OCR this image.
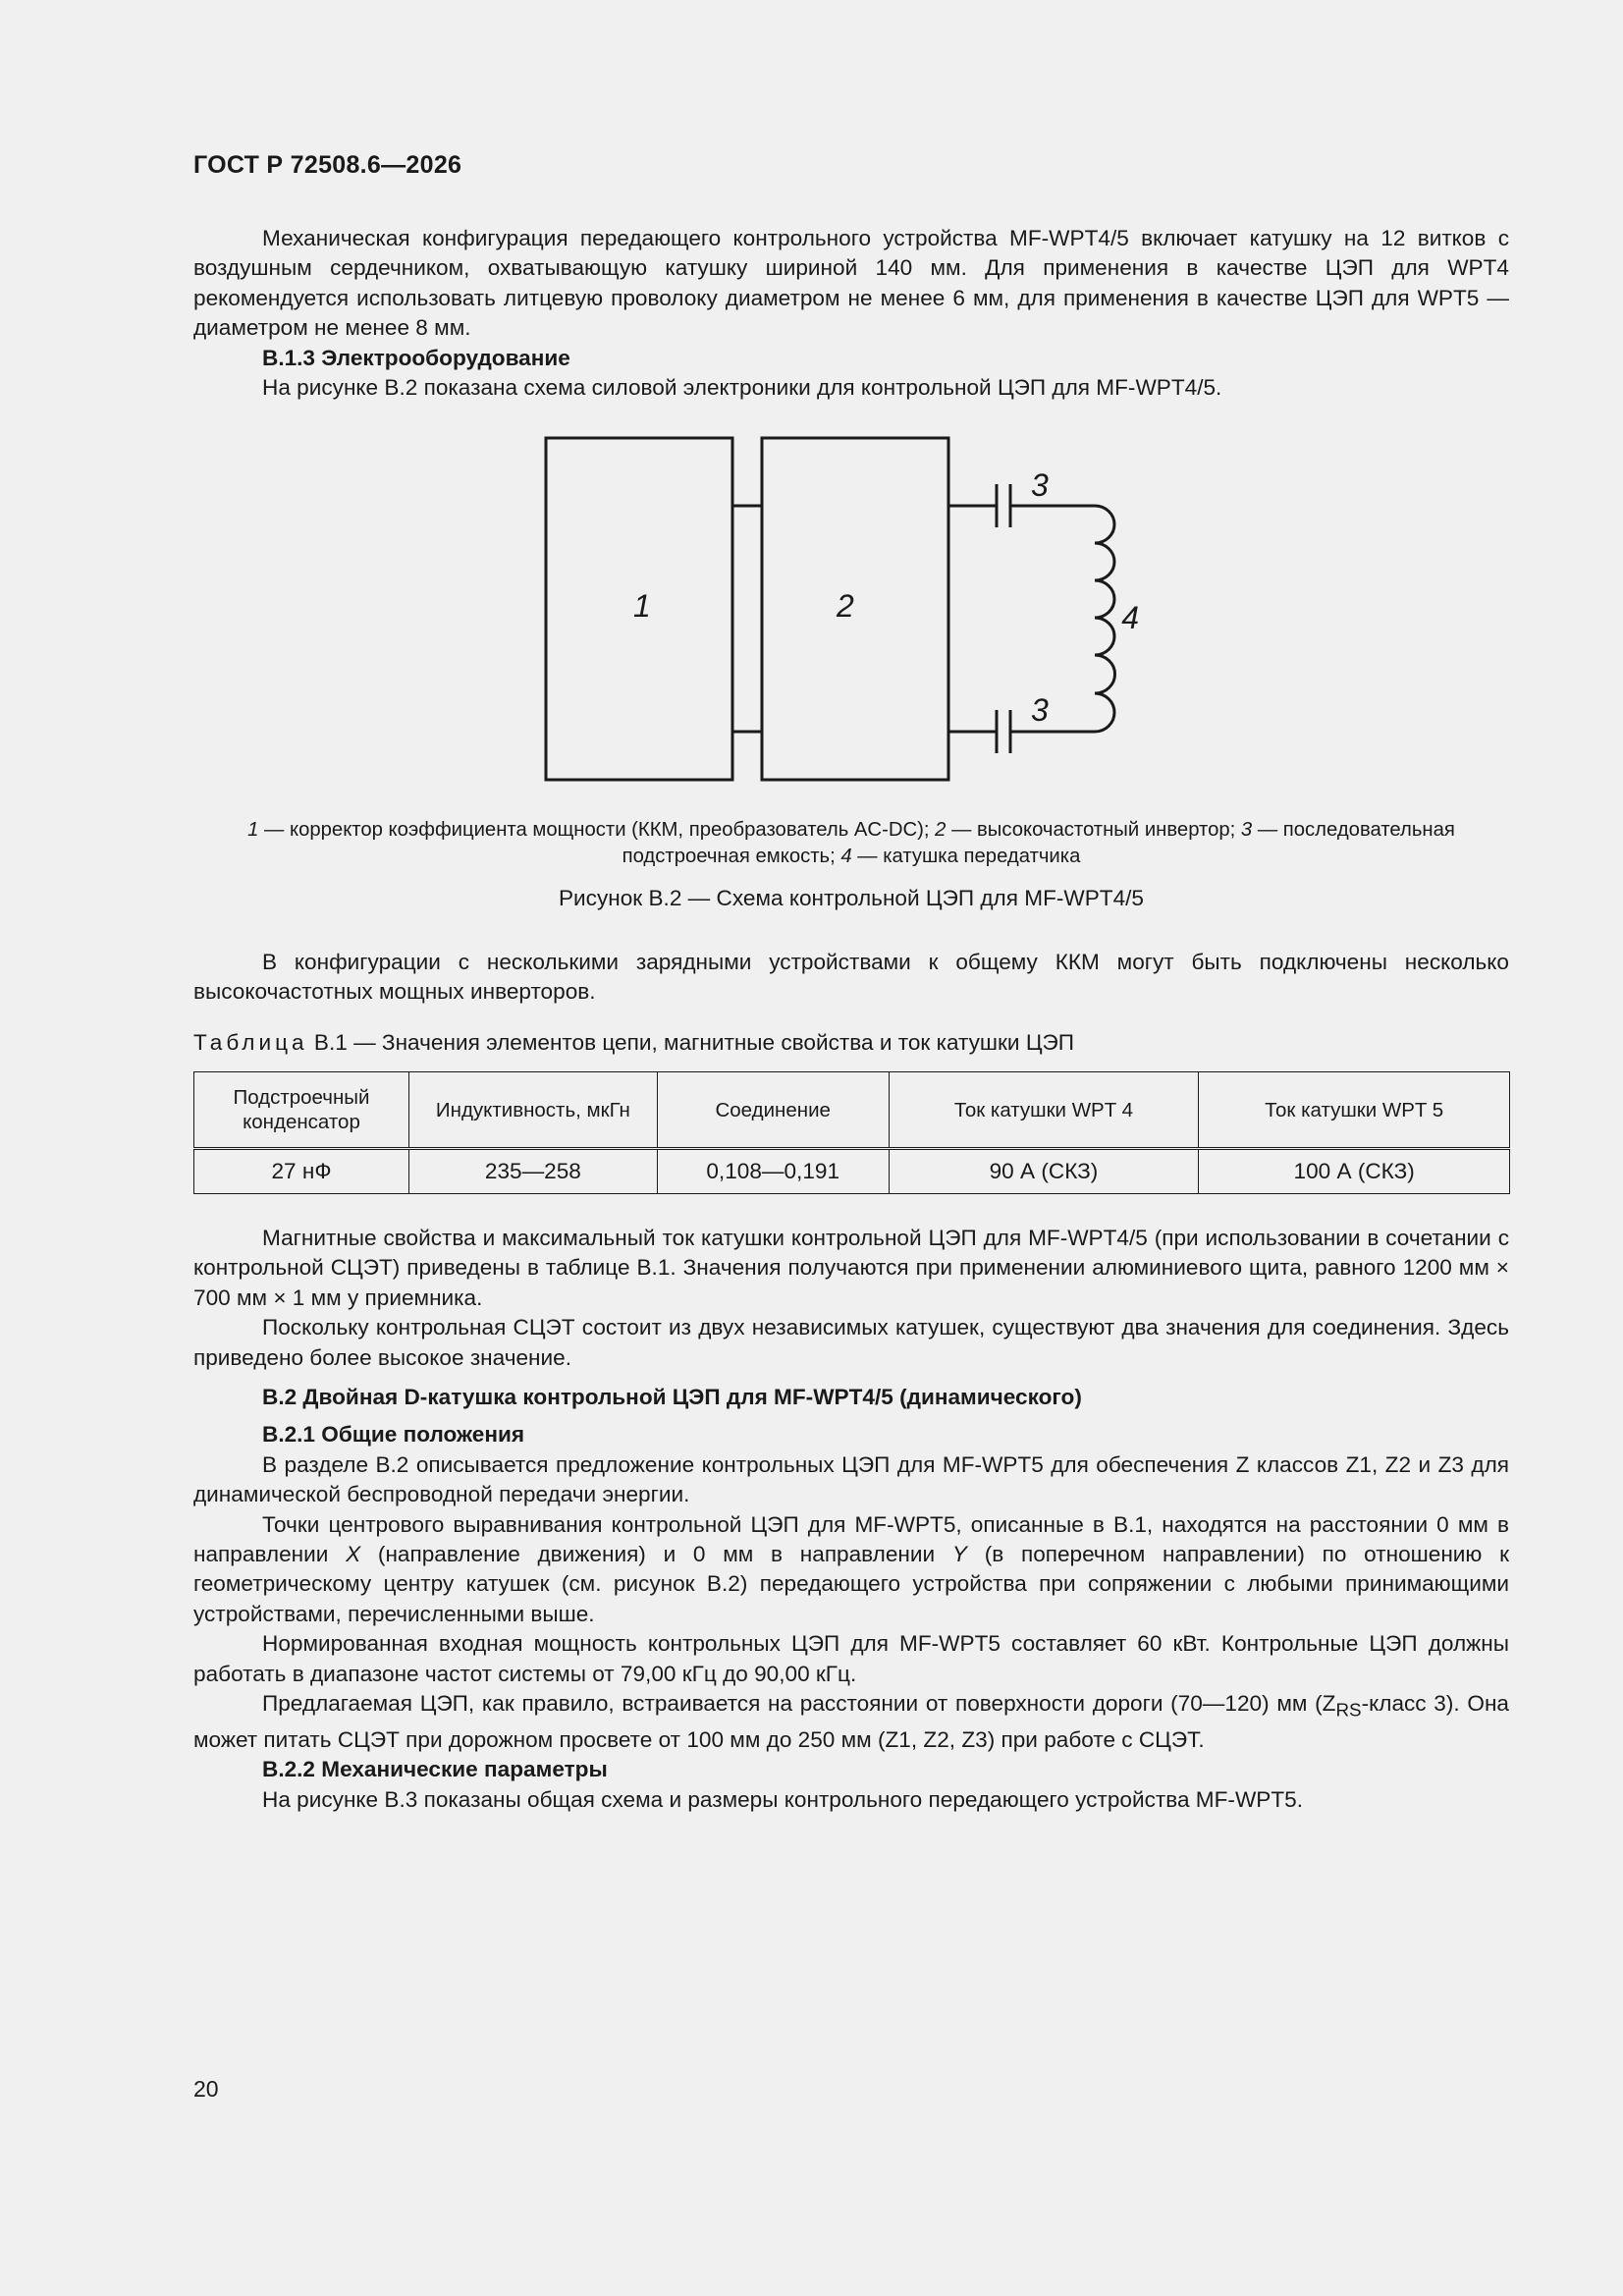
ГОСТ Р 72508.6—2026

Механическая конфигурация передающего контрольного устройства MF-WPT4/5 включает катушку на 12 витков с воздушным сердечником, охватывающую катушку шириной 140 мм. Для применения в качестве ЦЭП для WPT4 рекомендуется использовать литцевую проволоку диаметром не менее 6 мм, для применения в качестве ЦЭП для WPT5 — диаметром не менее 8 мм.

В.1.3 Электрооборудование

На рисунке В.2 показана схема силовой электроники для контрольной ЦЭП для MF-WPT4/5.

1	2
3
3
4
1 — корректор коэффициента мощности (ККМ, преобразователь AC-DC); 2 — высокочастотный инвертор; 3 — последовательная
подстроечная емкость; 4 — катушка передатчика
Рисунок В.2 — Схема контрольной ЦЭП для MF-WPT4/5

В конфигурации с несколькими зарядными устройствами к общему ККМ могут быть подключены несколько высокочастотных мощных инверторов.

Таблица В.1 — Значения элементов цепи, магнитные свойства и ток катушки ЦЭП
Подстроечный конденсатор	Индуктивность, мкГн	Соединение	Ток катушки WPT 4	Ток катушки WPT 5
27 нФ	235—258	0,108—0,191	90 А (СКЗ)	100 А (СКЗ)

Магнитные свойства и максимальный ток катушки контрольной ЦЭП для MF-WPT4/5 (при использовании в сочетании с контрольной СЦЭТ) приведены в таблице В.1. Значения получаются при применении алюминиевого щита, равного 1200 мм × 700 мм × 1 мм у приемника.

Поскольку контрольная СЦЭТ состоит из двух независимых катушек, существуют два значения для соединения. Здесь приведено более высокое значение.

В.2 Двойная D-катушка контрольной ЦЭП для MF-WPT4/5 (динамического)

В.2.1 Общие положения

В разделе В.2 описывается предложение контрольных ЦЭП для MF-WPT5 для обеспечения Z классов Z1, Z2 и Z3 для динамической беспроводной передачи энергии.

Точки центрового выравнивания контрольной ЦЭП для MF-WPT5, описанные в В.1, находятся на расстоянии 0 мм в направлении X (направление движения) и 0 мм в направлении Y (в поперечном направлении) по отношению к геометрическому центру катушек (см. рисунок В.2) передающего устройства при сопряжении с любыми принимающими устройствами, перечисленными выше.

Нормированная входная мощность контрольных ЦЭП для MF-WPT5 составляет 60 кВт. Контрольные ЦЭП должны работать в диапазоне частот системы от 79,00 кГц до 90,00 кГц.

Предлагаемая ЦЭП, как правило, встраивается на расстоянии от поверхности дороги (70—120) мм ($Z_{RS}$-класс 3). Она может питать СЦЭТ при дорожном просвете от 100 мм до 250 мм (Z1, Z2, Z3) при работе с СЦЭТ.

В.2.2 Механические параметры

На рисунке В.3 показаны общая схема и размеры контрольного передающего устройства MF-WPT5.

20
